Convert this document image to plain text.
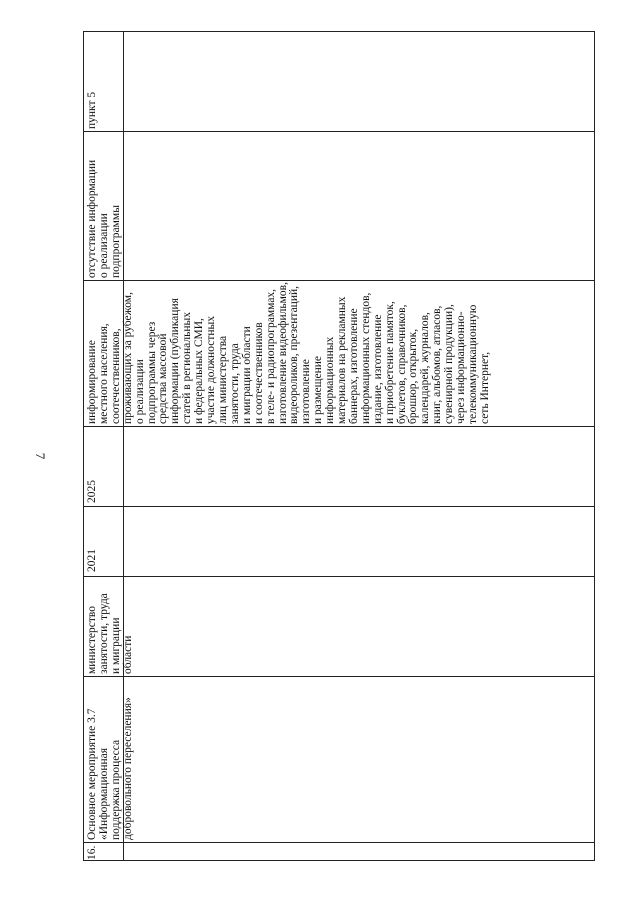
7
16.
Основное мероприятие 3.7
«Информационная
поддержка процесса
добровольного переселения»
министерство
занятости, труда
и миграции
области
2021
2025
информирование
местного населения,
соотечественников,
проживающих за рубежом,
о реализации
подпрограммы через
средства массовой
информации (публикация
статей в региональных
и федеральных СМИ,
участие должностных
лиц министерства
занятости, труда
и миграции области
и соотечественников
в теле- и радиопрограммах,
изготовление видеофильмов,
видеороликов, презентаций,
изготовление
и размещение
информационных
материалов на рекламных
баннерах, изготовление
информационных стендов,
издание, изготовление
и приобретение памяток,
буклетов, справочников,
брошюр, открыток,
календарей, журналов,
книг, альбомов, атласов,
сувенирной продукции),
через информационно-
телекоммуникационную
сеть Интернет,
отсутствие информации
о реализации
подпрограммы
пункт 5
